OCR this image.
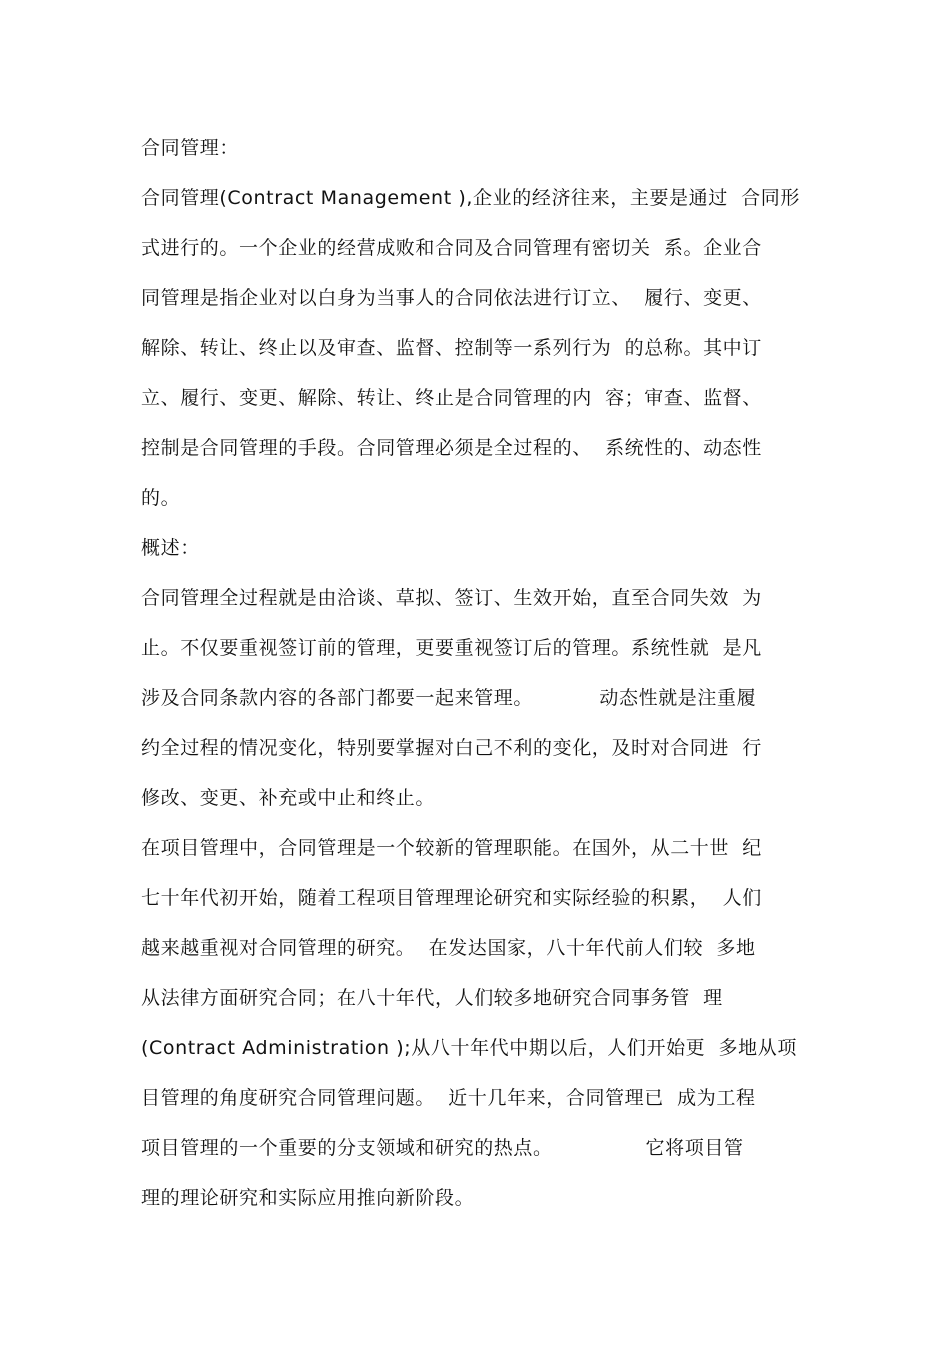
合同管理：
合同管理(Contract Management ),企业的经济往来，主要是通过  合同形
式进行的。一个企业的经营成败和合同及合同管理有密切关  系。企业合
同管理是指企业对以白身为当事人的合同依法进行订立、  履行、变更、
解除、转让、终止以及审查、监督、控制等一系列行为  的总称。其中订
立、履行、变更、解除、转让、终止是合同管理的内  容；审查、监督、
控制是合同管理的手段。合同管理必须是全过程的、  系统性的、动态性
的。
概述：
合同管理全过程就是由洽谈、草拟、签订、生效开始，直至合同失效  为
止。不仅要重视签订前的管理，更要重视签订后的管理。系统性就  是凡
涉及合同条款内容的各部门都要一起来管理。          动态性就是注重履
约全过程的情况变化，特别要掌握对白己不利的变化，及时对合同进  行
修改、变更、补充或中止和终止。
在项目管理中，合同管理是一个较新的管理职能。在国外，从二十世  纪
七十年代初开始，随着工程项目管理理论研究和实际经验的积累，  人们
越来越重视对合同管理的研究。  在发达国家，八十年代前人们较  多地
从法律方面研究合同；在八十年代，人们较多地研究合同事务管  理
(Contract Administration );从八十年代中期以后，人们开始更  多地从项
目管理的角度研究合同管理问题。  近十几年来，合同管理已  成为工程
项目管理的一个重要的分支领域和研究的热点。              它将项目管
理的理论研究和实际应用推向新阶段。
